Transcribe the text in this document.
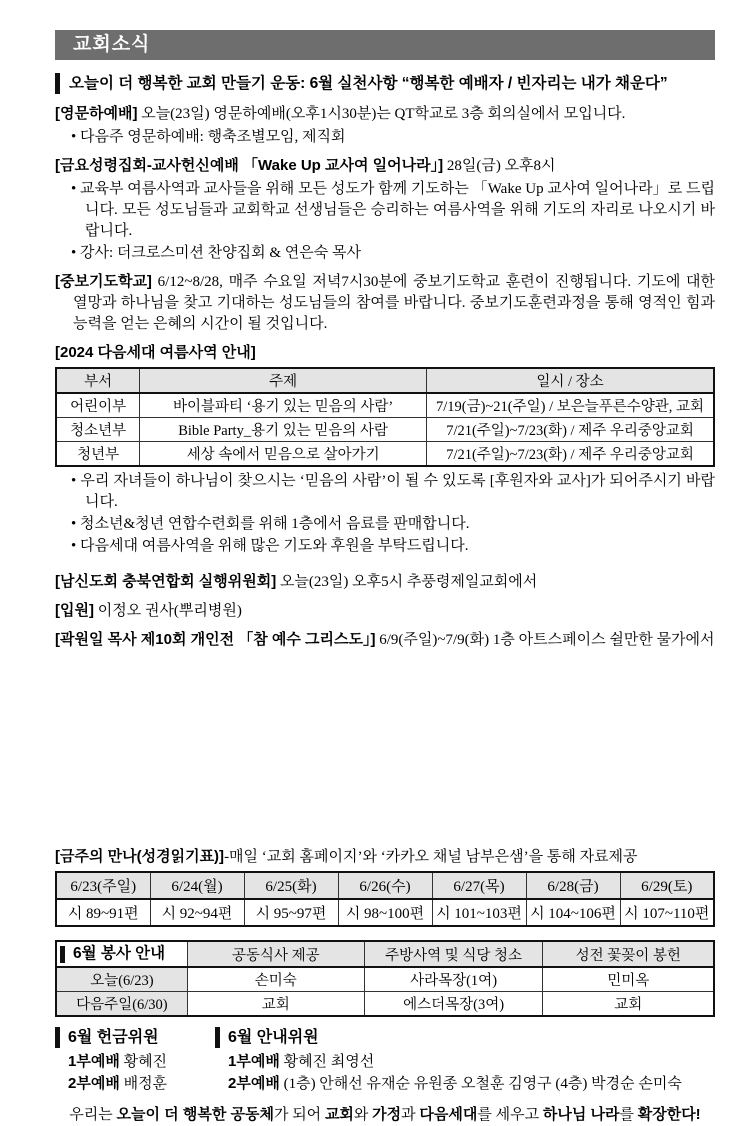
교회소식
오늘이 더 행복한 교회 만들기 운동: 6월 실천사항 “행복한 예배자 / 빈자리는 내가 채운다”

[영문하예배] 오늘(23일) 영문하예배(오후1시30분)는 QT학교로 3층 회의실에서 모입니다.

• 다음주 영문하예배: 행축조별모임, 제직회

[금요성령집회-교사헌신예배 「Wake Up 교사여 일어나라」] 28일(금) 오후8시

• 교육부 여름사역과 교사들을 위해 모든 성도가 함께 기도하는 「Wake Up 교사여 일어나라」로 드립니다. 모든 성도님들과 교회학교 선생님들은 승리하는 여름사역을 위해 기도의 자리로 나오시기 바랍니다.

• 강사: 더크로스미션 찬양집회 & 연은숙 목사

[중보기도학교] 6/12~8/28, 매주 수요일 저녁7시30분에 중보기도학교 훈련이 진행됩니다. 기도에 대한 열망과 하나님을 찾고 기대하는 성도님들의 참여를 바랍니다. 중보기도훈련과정을 통해 영적인 힘과 능력을 얻는 은혜의 시간이 될 것입니다.

[2024 다음세대 여름사역 안내]

부서	주제	일시 / 장소
어린이부	바이블파티 ‘용기 있는 믿음의 사람’	7/19(금)~21(주일) / 보은늘푸른수양관, 교회
청소년부	Bible Party_용기 있는 믿음의 사람	7/21(주일)~7/23(화) / 제주 우리중앙교회
청년부	세상 속에서 믿음으로 살아가기	7/21(주일)~7/23(화) / 제주 우리중앙교회

• 우리 자녀들이 하나님이 찾으시는 ‘믿음의 사람’이 될 수 있도록 [후원자와 교사]가 되어주시기 바랍니다.

• 청소년&청년 연합수련회를 위해 1층에서 음료를 판매합니다.

• 다음세대 여름사역을 위해 많은 기도와 후원을 부탁드립니다.

[남신도회 충북연합회 실행위원회] 오늘(23일) 오후5시 추풍령제일교회에서

[입원] 이정오 권사(뿌리병원)

[곽원일 목사 제10회 개인전 「참 예수 그리스도」] 6/9(주일)~7/9(화) 1층 아트스페이스 쉴만한 물가에서

[금주의 만나(성경읽기표)]-매일 ‘교회 홈페이지’와 ‘카카오 채널 남부은샘’을 통해 자료제공

6/23(주일)	6/24(월)	6/25(화)	6/26(수)	6/27(목)	6/28(금)	6/29(토)
시 89~91편	시 92~94편	시 95~97편	시 98~100편	시 101~103편	시 104~106편	시 107~110편
6월 봉사 안내	공동식사 제공	주방사역 및 식당 청소	성전 꽃꽂이 봉헌
오늘(6/23)	손미숙	사라목장(1여)	민미옥
다음주일(6/30)	교회	에스더목장(3여)	교회
6월 헌금위원
1부예배 황혜진
2부예배 배정훈
6월 안내위원
1부예배 황혜진 최영선
2부예배 (1층) 안해선 유재순 유원종 오철훈 김영구 (4층) 박경순 손미숙
우리는 오늘이 더 행복한 공동체가 되어 교회와 가정과 다음세대를 세우고 하나님 나라를 확장한다!
